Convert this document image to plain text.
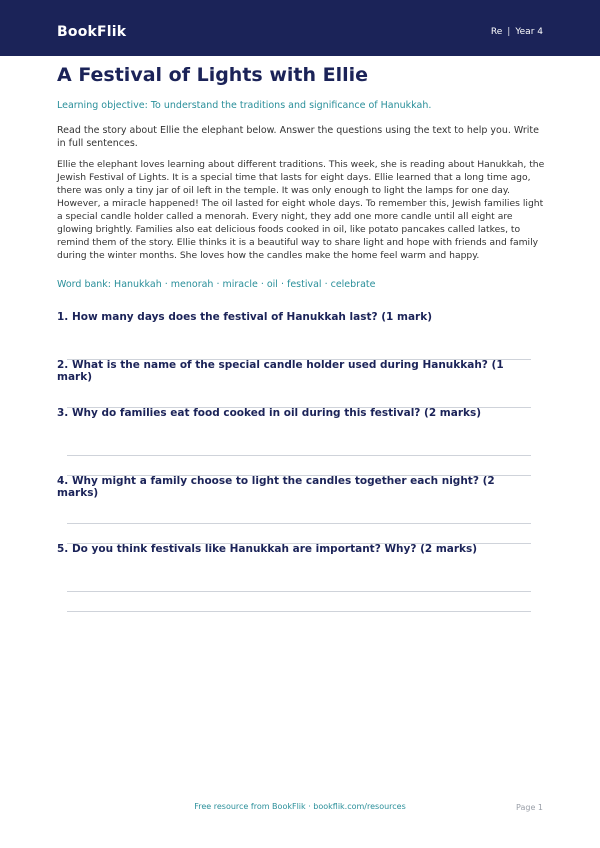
BookFlik	Re | Year 4
A Festival of Lights with Ellie
Learning objective: To understand the traditions and significance of Hanukkah.
Read the story about Ellie the elephant below. Answer the questions using the text to help you. Write in full sentences.
Ellie the elephant loves learning about different traditions. This week, she is reading about Hanukkah, the Jewish Festival of Lights. It is a special time that lasts for eight days. Ellie learned that a long time ago, there was only a tiny jar of oil left in the temple. It was only enough to light the lamps for one day. However, a miracle happened! The oil lasted for eight whole days. To remember this, Jewish families light a special candle holder called a menorah. Every night, they add one more candle until all eight are glowing brightly. Families also eat delicious foods cooked in oil, like potato pancakes called latkes, to remind them of the story. Ellie thinks it is a beautiful way to share light and hope with friends and family during the winter months. She loves how the candles make the home feel warm and happy.
Word bank: Hanukkah · menorah · miracle · oil · festival · celebrate
1. How many days does the festival of Hanukkah last? (1 mark)
2. What is the name of the special candle holder used during Hanukkah? (1 mark)
3. Why do families eat food cooked in oil during this festival? (2 marks)
4. Why might a family choose to light the candles together each night? (2 marks)
5. Do you think festivals like Hanukkah are important? Why? (2 marks)
Free resource from BookFlik · bookflik.com/resources	Page 1
